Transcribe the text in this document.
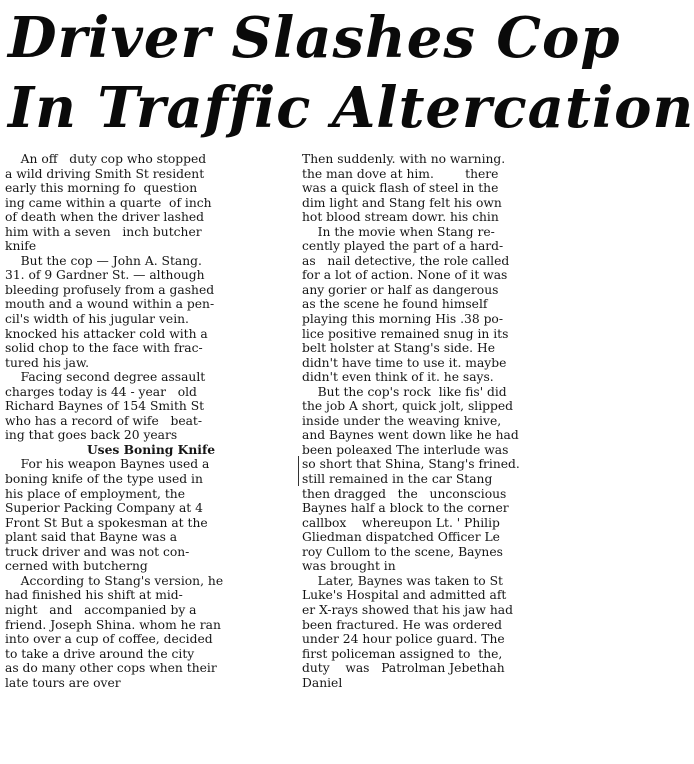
Driver Slashes Cop
In Traffic Altercation
An off   duty cop who stopped
a wild driving Smith St resident
early this morning fo  question
ing came within a quarte  of inch
of death when the driver lashed
him with a seven   inch butcher
knife
But the cop — John A. Stang.
31. of 9 Gardner St. — although
bleeding profusely from a gashed
mouth and a wound within a pen-
cil's width of his jugular vein.
knocked his attacker cold with a
solid chop to the face with frac-
tured his jaw.
Facing second degree assault
charges today is 44 - year   old
Richard Baynes of 154 Smith St
who has a record of wife   beat-
ing that goes back 20 years
Uses Boning Knife
For his weapon Baynes used a
boning knife of the type used in
his place of employment, the
Superior Packing Company at 4
Front St But a spokesman at the
plant said that Bayne was a
truck driver and was not con-
cerned with butcherng
According to Stang's version, he
had finished his shift at mid-
night   and   accompanied by a
friend. Joseph Shina. whom he ran
into over a cup of coffee, decided
to take a drive around the city
as do many other cops when their
late tours are over
Then suddenly. with no warning.
the man dove at him.        there
was a quick flash of steel in the
dim light and Stang felt his own
hot blood stream dowr. his chin
In the movie when Stang re-
cently played the part of a hard-
as   nail detective, the role called
for a lot of action. None of it was
any gorier or half as dangerous
as the scene he found himself
playing this morning His .38 po-
lice positive remained snug in its
belt holster at Stang's side. He
didn't have time to use it. maybe
didn't even think of it. he says.
But the cop's rock  like fis' did
the job A short, quick jolt, slipped
inside under the weaving knive,
and Baynes went down like he had
been poleaxed The interlude was
so short that Shina, Stang's frined.
still remained in the car Stang
then dragged   the   unconscious
Baynes half a block to the corner
callbox    whereupon Lt. ' Philip
Gliedman dispatched Officer Le
roy Cullom to the scene, Baynes
was brought in
Later, Baynes was taken to St
Luke's Hospital and admitted aft
er X-rays showed that his jaw had
been fractured. He was ordered
under 24 hour police guard. The
first policeman assigned to  the,
duty    was   Patrolman Jebethah
Daniel
